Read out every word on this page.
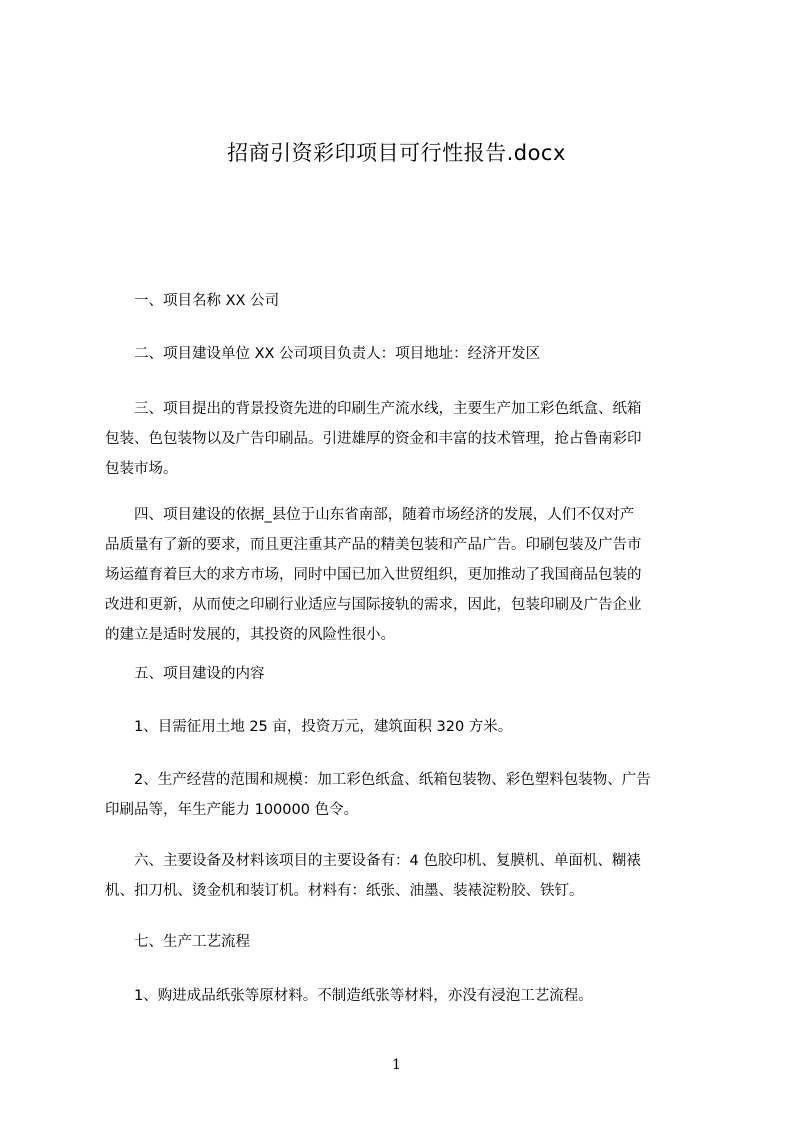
招商引资彩印项目可行性报告.docx
　　一、项目名称 XX 公司
　　二、项目建设单位 XX 公司项目负责人：项目地址：经济开发区
　　三、项目提出的背景投资先进的印刷生产流水线，主要生产加工彩色纸盒、纸箱
包装、色包装物以及广告印刷品。引进雄厚的资金和丰富的技术管理，抢占鲁南彩印
包装市场。
　　四、项目建设的依据_县位于山东省南部，随着市场经济的发展，人们不仅对产
品质量有了新的要求，而且更注重其产品的精美包装和产品广告。印刷包装及广告市
场运蕴育着巨大的求方市场，同时中国已加入世贸组织，更加推动了我国商品包装的
改进和更新，从而使之印刷行业适应与国际接轨的需求，因此，包装印刷及广告企业
的建立是适时发展的，其投资的风险性很小。
　　五、项目建设的内容
　　1、目需征用土地 25 亩，投资万元，建筑面积 320 方米。
　　2、生产经营的范围和规模：加工彩色纸盒、纸箱包装物、彩色塑料包装物、广告
印刷品等，年生产能力 100000 色令。
　　六、主要设备及材料该项目的主要设备有：4 色胶印机、复膜机、单面机、糊裱
机、扣刀机、烫金机和装订机。材料有：纸张、油墨、装裱淀粉胶、铁钉。
　　七、生产工艺流程
　　1、购进成品纸张等原材料。不制造纸张等材料，亦没有浸泡工艺流程。
1
